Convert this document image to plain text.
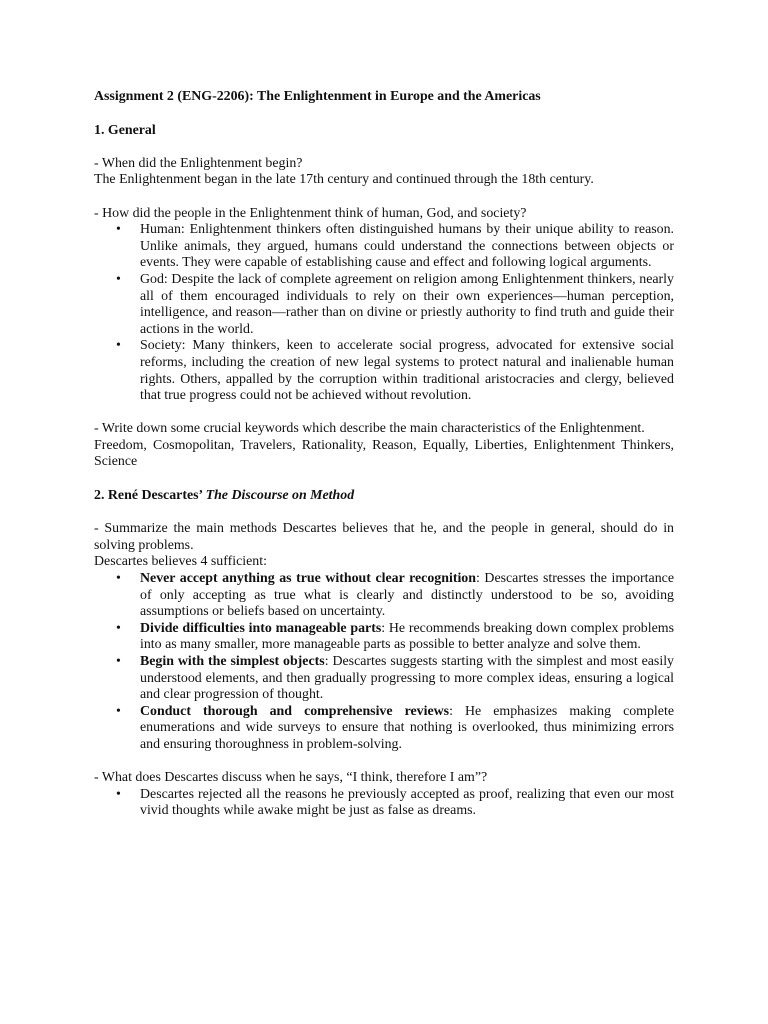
Assignment 2 (ENG-2206): The Enlightenment in Europe and the Americas

1. General

- When did the Enlightenment begin?

The Enlightenment began in the late 17th century and continued through the 18th century.

- How did the people in the Enlightenment think of human, God, and society?

• Human: Enlightenment thinkers often distinguished humans by their unique ability to reason. Unlike animals, they argued, humans could understand the connections between objects or events. They were capable of establishing cause and effect and following logical arguments.
• God: Despite the lack of complete agreement on religion among Enlightenment thinkers, nearly all of them encouraged individuals to rely on their own experiences—human perception, intelligence, and reason—rather than on divine or priestly authority to find truth and guide their actions in the world.
• Society: Many thinkers, keen to accelerate social progress, advocated for extensive social reforms, including the creation of new legal systems to protect natural and inalienable human rights. Others, appalled by the corruption within traditional aristocracies and clergy, believed that true progress could not be achieved without revolution.

- Write down some crucial keywords which describe the main characteristics of the Enlightenment.

Freedom, Cosmopolitan, Travelers, Rationality, Reason, Equally, Liberties, Enlightenment Thinkers, Science

2. René Descartes’ The Discourse on Method

- Summarize the main methods Descartes believes that he, and the people in general, should do in solving problems.

Descartes believes 4 sufficient:

• Never accept anything as true without clear recognition: Descartes stresses the importance of only accepting as true what is clearly and distinctly understood to be so, avoiding assumptions or beliefs based on uncertainty.
• Divide difficulties into manageable parts: He recommends breaking down complex problems into as many smaller, more manageable parts as possible to better analyze and solve them.
• Begin with the simplest objects: Descartes suggests starting with the simplest and most easily understood elements, and then gradually progressing to more complex ideas, ensuring a logical and clear progression of thought.
• Conduct thorough and comprehensive reviews: He emphasizes making complete enumerations and wide surveys to ensure that nothing is overlooked, thus minimizing errors and ensuring thoroughness in problem-solving.

- What does Descartes discuss when he says, “I think, therefore I am”?

• Descartes rejected all the reasons he previously accepted as proof, realizing that even our most vivid thoughts while awake might be just as false as dreams.
